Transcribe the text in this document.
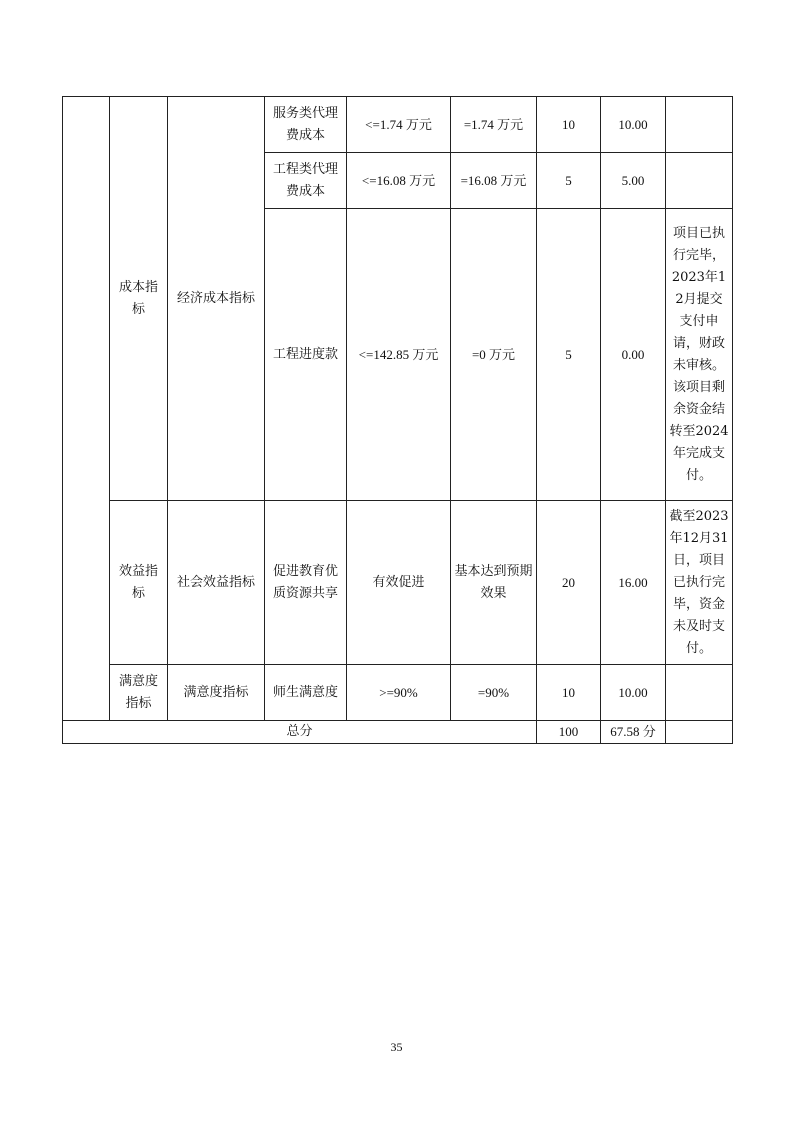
	成本指标	经济成本指标	服务类代理费成本	<=1.74 万元	=1.74 万元	10	10.00	
			工程类代理费成本	<=16.08 万元	=16.08 万元	5	5.00	
			工程进度款	<=142.85 万元	=0 万元	5	0.00	项目已执行完毕，2023年12月提交支付申请，财政未审核。该项目剩余资金结转至2024年完成支付。
	效益指标	社会效益指标	促进教育优质资源共享	有效促进	基本达到预期效果	20	16.00	截至2023年12月31日，项目已执行完毕，资金未及时支付。
	满意度指标	满意度指标	师生满意度	>=90%	=90%	10	10.00	
总分						100	67.58 分	
35
